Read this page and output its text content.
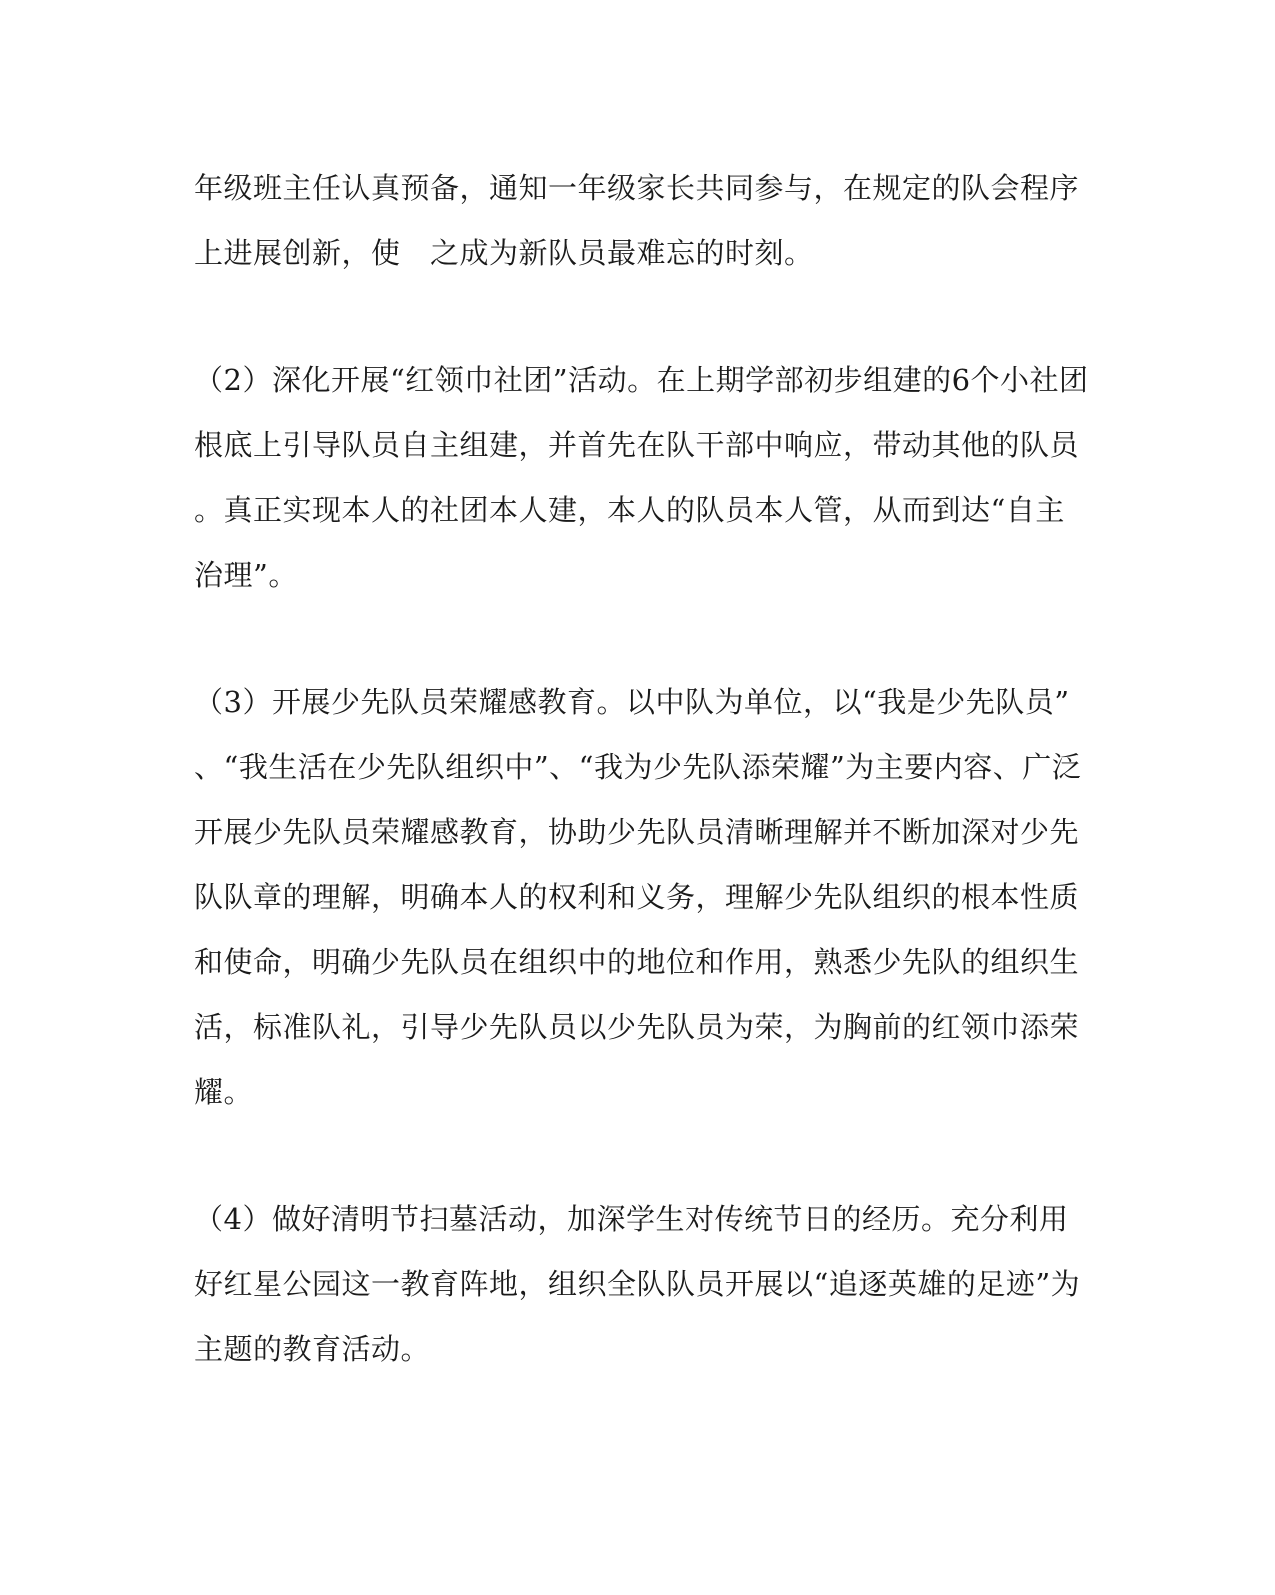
年级班主任认真预备，通知一年级家长共同参与，在规定的队会程序
上进展创新，使　之成为新队员最难忘的时刻。
（2）深化开展“红领巾社团”活动。在上期学部初步组建的6个小社团
根底上引导队员自主组建，并首先在队干部中响应，带动其他的队员
。真正实现本人的社团本人建，本人的队员本人管，从而到达“自主
治理”。
（3）开展少先队员荣耀感教育。以中队为单位，以“我是少先队员”
、“我生活在少先队组织中”、“我为少先队添荣耀”为主要内容、广泛
开展少先队员荣耀感教育，协助少先队员清晰理解并不断加深对少先
队队章的理解，明确本人的权利和义务，理解少先队组织的根本性质
和使命，明确少先队员在组织中的地位和作用，熟悉少先队的组织生
活，标准队礼，引导少先队员以少先队员为荣，为胸前的红领巾添荣
耀。
（4）做好清明节扫墓活动，加深学生对传统节日的经历。充分利用
好红星公园这一教育阵地，组织全队队员开展以“追逐英雄的足迹”为
主题的教育活动。
